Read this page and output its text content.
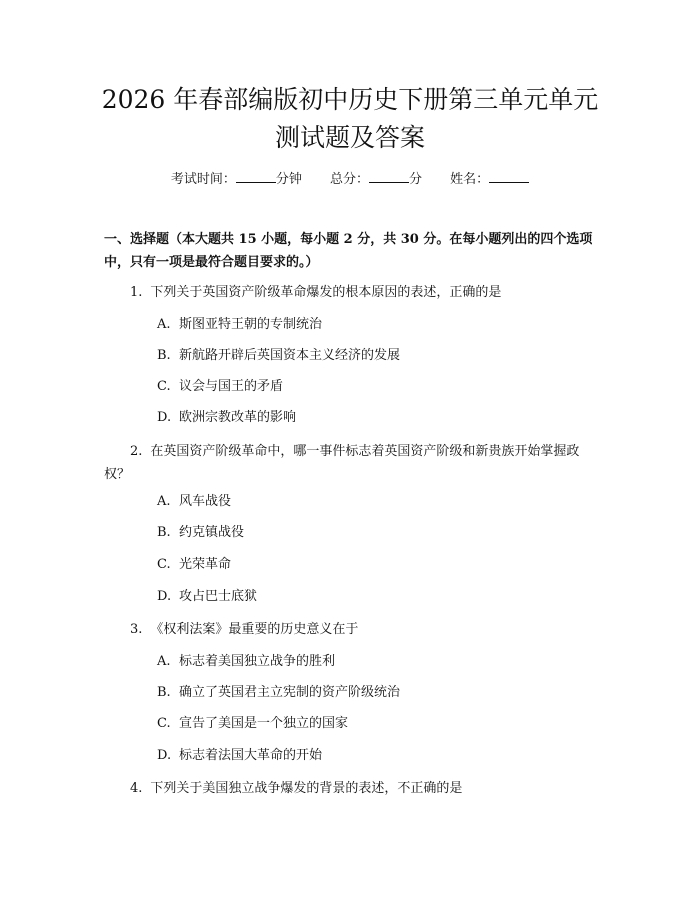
2026 年春部编版初中历史下册第三单元单元
测试题及答案
考试时间：	分钟 总分：	分 姓名：
一、选择题（本大题共 15 小题，每小题 2 分，共 30 分。在每小题列出的四个选项中，只有一项是最符合题目要求的。）
1. 下列关于英国资产阶级革命爆发的根本原因的表述，正确的是
A. 斯图亚特王朝的专制统治
B. 新航路开辟后英国资本主义经济的发展
C. 议会与国王的矛盾
D. 欧洲宗教改革的影响
2. 在英国资产阶级革命中，哪一事件标志着英国资产阶级和新贵族开始掌握政权？
A. 风车战役
B. 约克镇战役
C. 光荣革命
D. 攻占巴士底狱
3. 《权利法案》最重要的历史意义在于
A. 标志着美国独立战争的胜利
B. 确立了英国君主立宪制的资产阶级统治
C. 宣告了美国是一个独立的国家
D. 标志着法国大革命的开始
4. 下列关于美国独立战争爆发的背景的表述，不正确的是
